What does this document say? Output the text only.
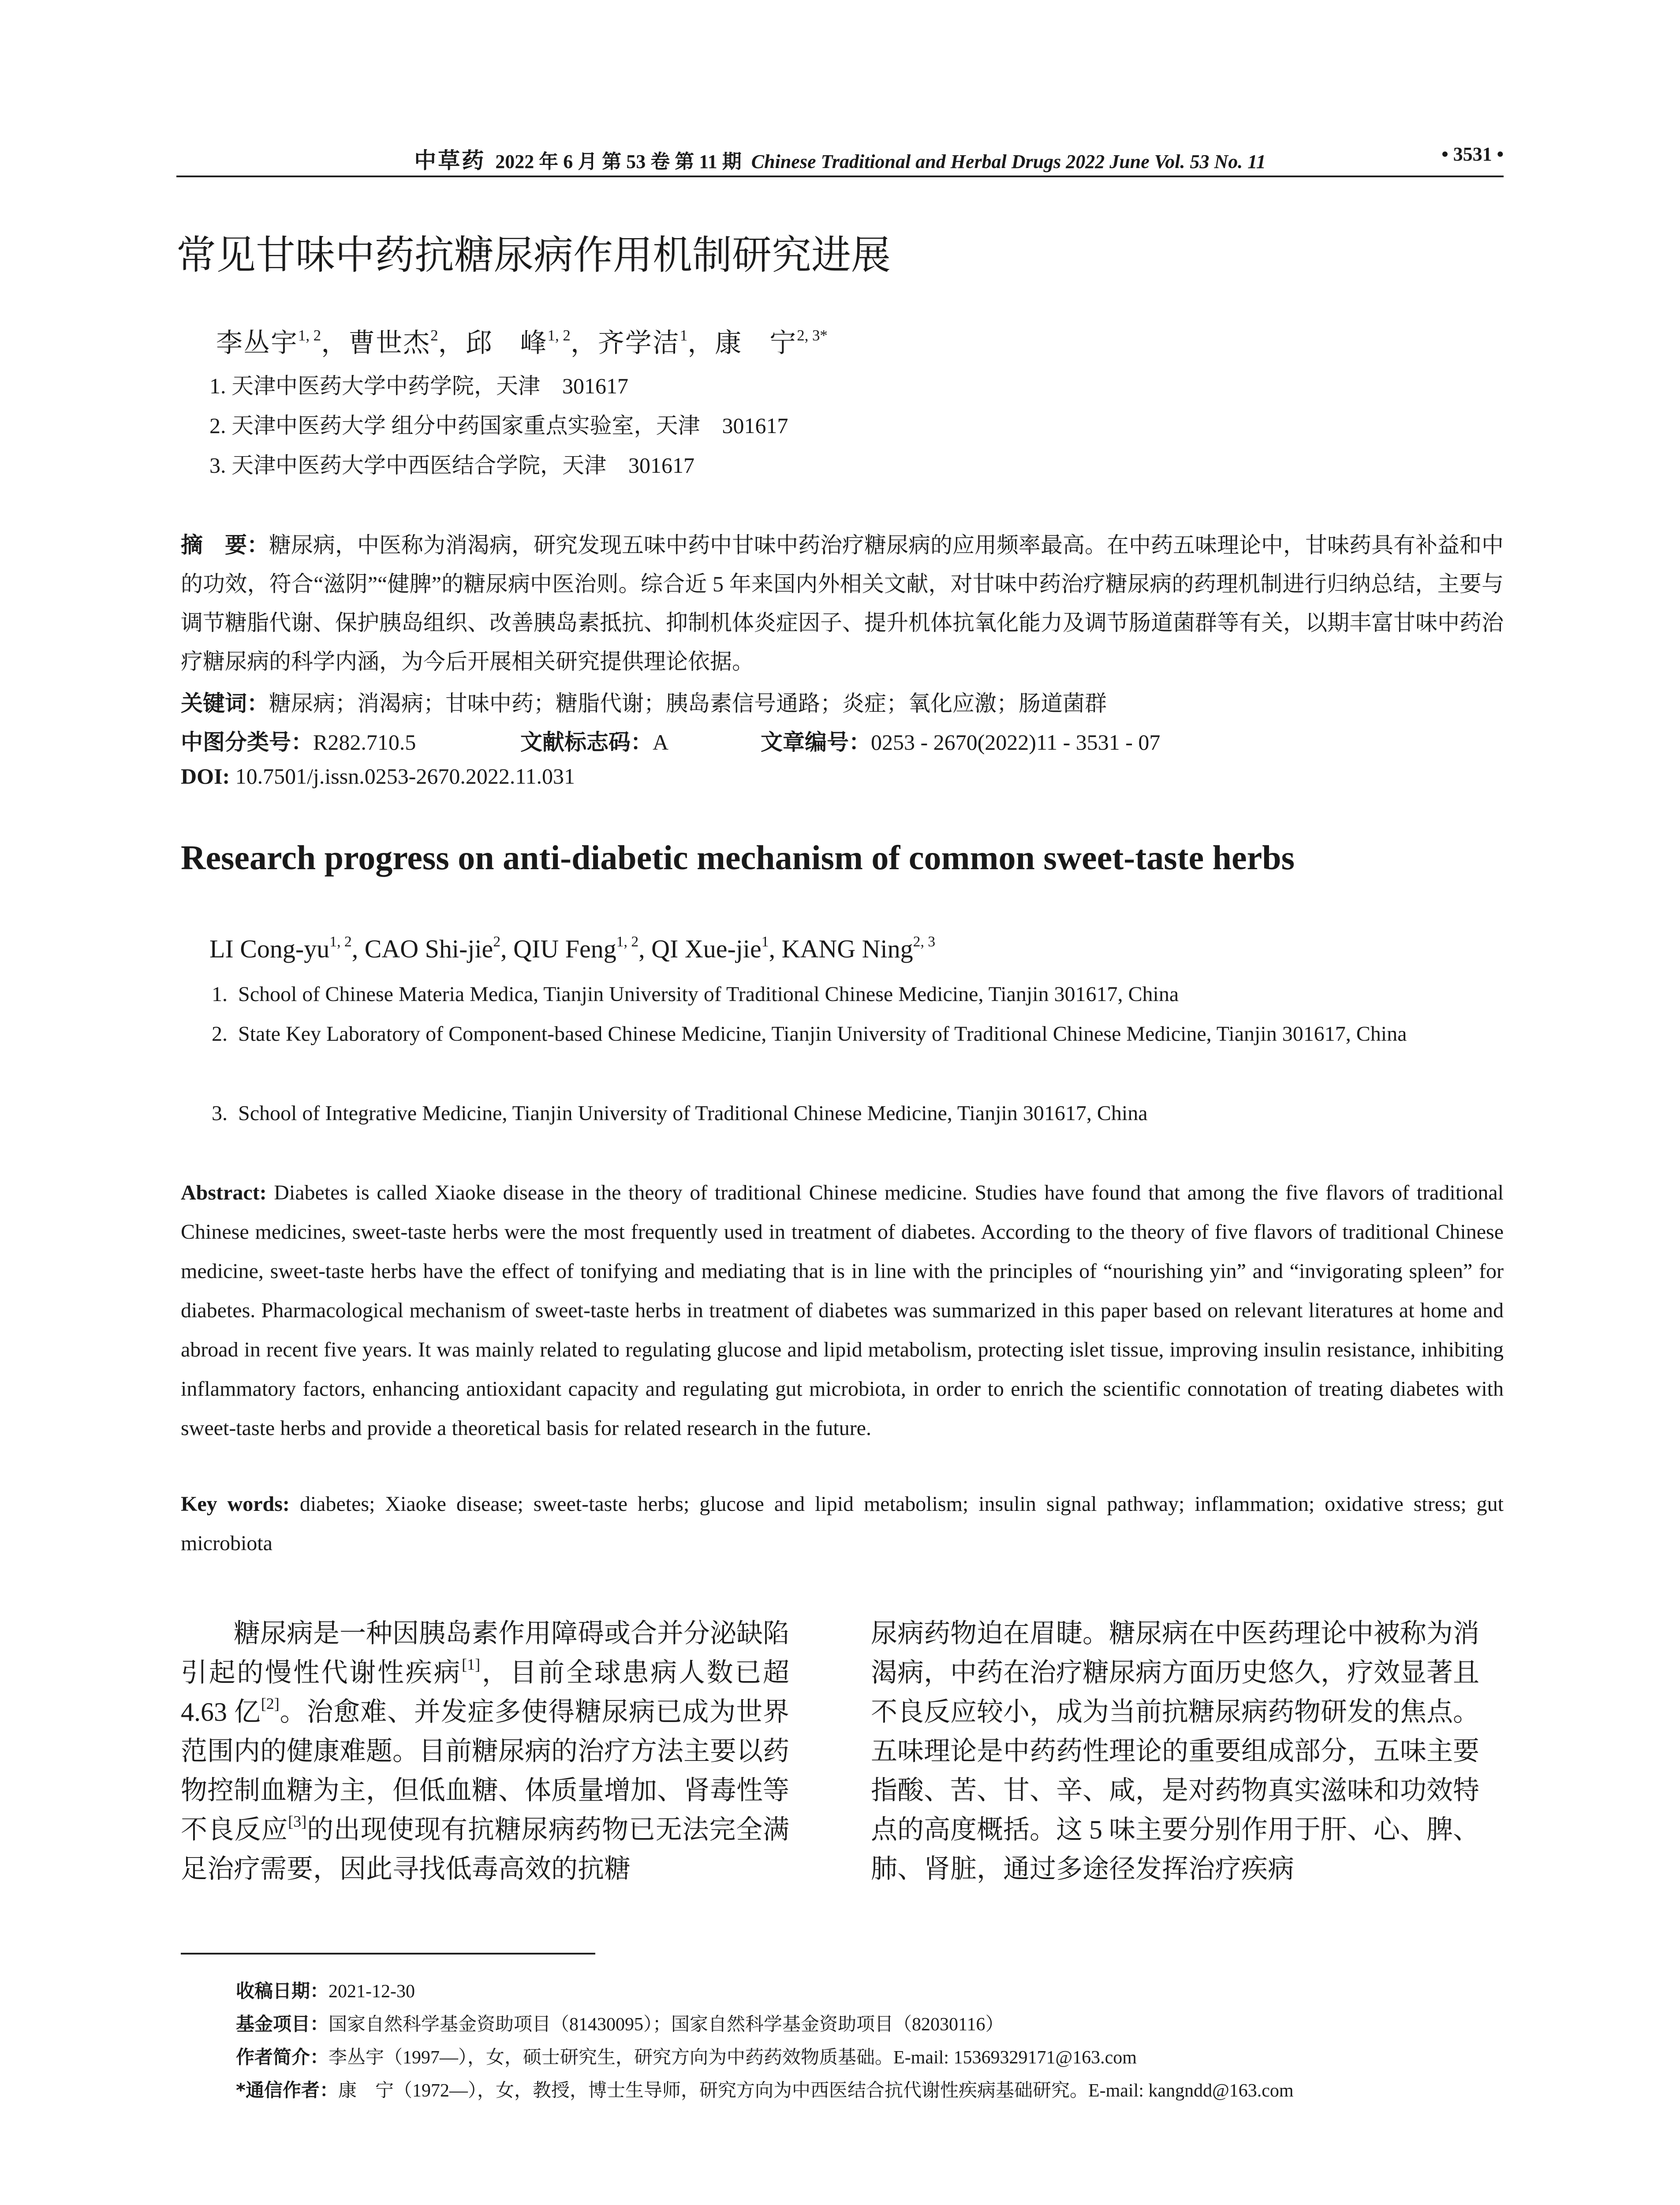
中草药 2022 年 6 月 第 53 卷 第 11 期 Chinese Traditional and Herbal Drugs 2022 June Vol. 53 No. 11	• 3531 •
常见甘味中药抗糖尿病作用机制研究进展
李丛宇$^{1, 2}$，曹世杰$^2$，邱　峰$^{1, 2}$，齐学洁$^1$，康　宁$^{2, 3*}$
1. 天津中医药大学中药学院，天津　301617
2. 天津中医药大学 组分中药国家重点实验室，天津　301617
3. 天津中医药大学中西医结合学院，天津　301617
摘　要：糖尿病，中医称为消渴病，研究发现五味中药中甘味中药治疗糖尿病的应用频率最高。在中药五味理论中，甘味药具有补益和中的功效，符合“滋阴”“健脾”的糖尿病中医治则。综合近 5 年来国内外相关文献，对甘味中药治疗糖尿病的药理机制进行归纳总结，主要与调节糖脂代谢、保护胰岛组织、改善胰岛素抵抗、抑制机体炎症因子、提升机体抗氧化能力及调节肠道菌群等有关，以期丰富甘味中药治疗糖尿病的科学内涵，为今后开展相关研究提供理论依据。
关键词：糖尿病；消渴病；甘味中药；糖脂代谢；胰岛素信号通路；炎症；氧化应激；肠道菌群
中图分类号：R282.710.5	文献标志码：A	文章编号：0253 - 2670(2022)11 - 3531 - 07
DOI: 10.7501/j.issn.0253-2670.2022.11.031
Research progress on anti-diabetic mechanism of common sweet-taste herbs
LI Cong-yu$^{1, 2}$, CAO Shi-jie$^2$, QIU Feng$^{1, 2}$, QI Xue-jie$^1$, KANG Ning$^{2, 3}$
1. School of Chinese Materia Medica, Tianjin University of Traditional Chinese Medicine, Tianjin 301617, China
2. State Key Laboratory of Component-based Chinese Medicine, Tianjin University of Traditional Chinese Medicine, Tianjin 301617, China
3. School of Integrative Medicine, Tianjin University of Traditional Chinese Medicine, Tianjin 301617, China
Abstract: Diabetes is called Xiaoke disease in the theory of traditional Chinese medicine. Studies have found that among the five flavors of traditional Chinese medicines, sweet-taste herbs were the most frequently used in treatment of diabetes. According to the theory of five flavors of traditional Chinese medicine, sweet-taste herbs have the effect of tonifying and mediating that is in line with the principles of “nourishing yin” and “invigorating spleen” for diabetes. Pharmacological mechanism of sweet-taste herbs in treatment of diabetes was summarized in this paper based on relevant literatures at home and abroad in recent five years. It was mainly related to regulating glucose and lipid metabolism, protecting islet tissue, improving insulin resistance, inhibiting inflammatory factors, enhancing antioxidant capacity and regulating gut microbiota, in order to enrich the scientific connotation of treating diabetes with sweet-taste herbs and provide a theoretical basis for related research in the future.
Key words: diabetes; Xiaoke disease; sweet-taste herbs; glucose and lipid metabolism; insulin signal pathway; inflammation; oxidative stress; gut microbiota

糖尿病是一种因胰岛素作用障碍或合并分泌缺陷引起的慢性代谢性疾病[1]，目前全球患病人数已超 4.63 亿[2]。治愈难、并发症多使得糖尿病已成为世界范围内的健康难题。目前糖尿病的治疗方法主要以药物控制血糖为主，但低血糖、体质量增加、肾毒性等不良反应[3]的出现使现有抗糖尿病药物已无法完全满足治疗需要，因此寻找低毒高效的抗糖

尿病药物迫在眉睫。糖尿病在中医药理论中被称为消渴病，中药在治疗糖尿病方面历史悠久，疗效显著且不良反应较小，成为当前抗糖尿病药物研发的焦点。五味理论是中药药性理论的重要组成部分，五味主要指酸、苦、甘、辛、咸，是对药物真实滋味和功效特点的高度概括。这 5 味主要分别作用于肝、心、脾、肺、肾脏，通过多途径发挥治疗疾病

收稿日期：2021-12-30
基金项目：国家自然科学基金资助项目（81430095）；国家自然科学基金资助项目（82030116）
作者简介：李丛宇（1997—），女，硕士研究生，研究方向为中药药效物质基础。E-mail: 15369329171@163.com
*通信作者：康　宁（1972—），女，教授，博士生导师，研究方向为中西医结合抗代谢性疾病基础研究。E-mail: kangndd@163.com
